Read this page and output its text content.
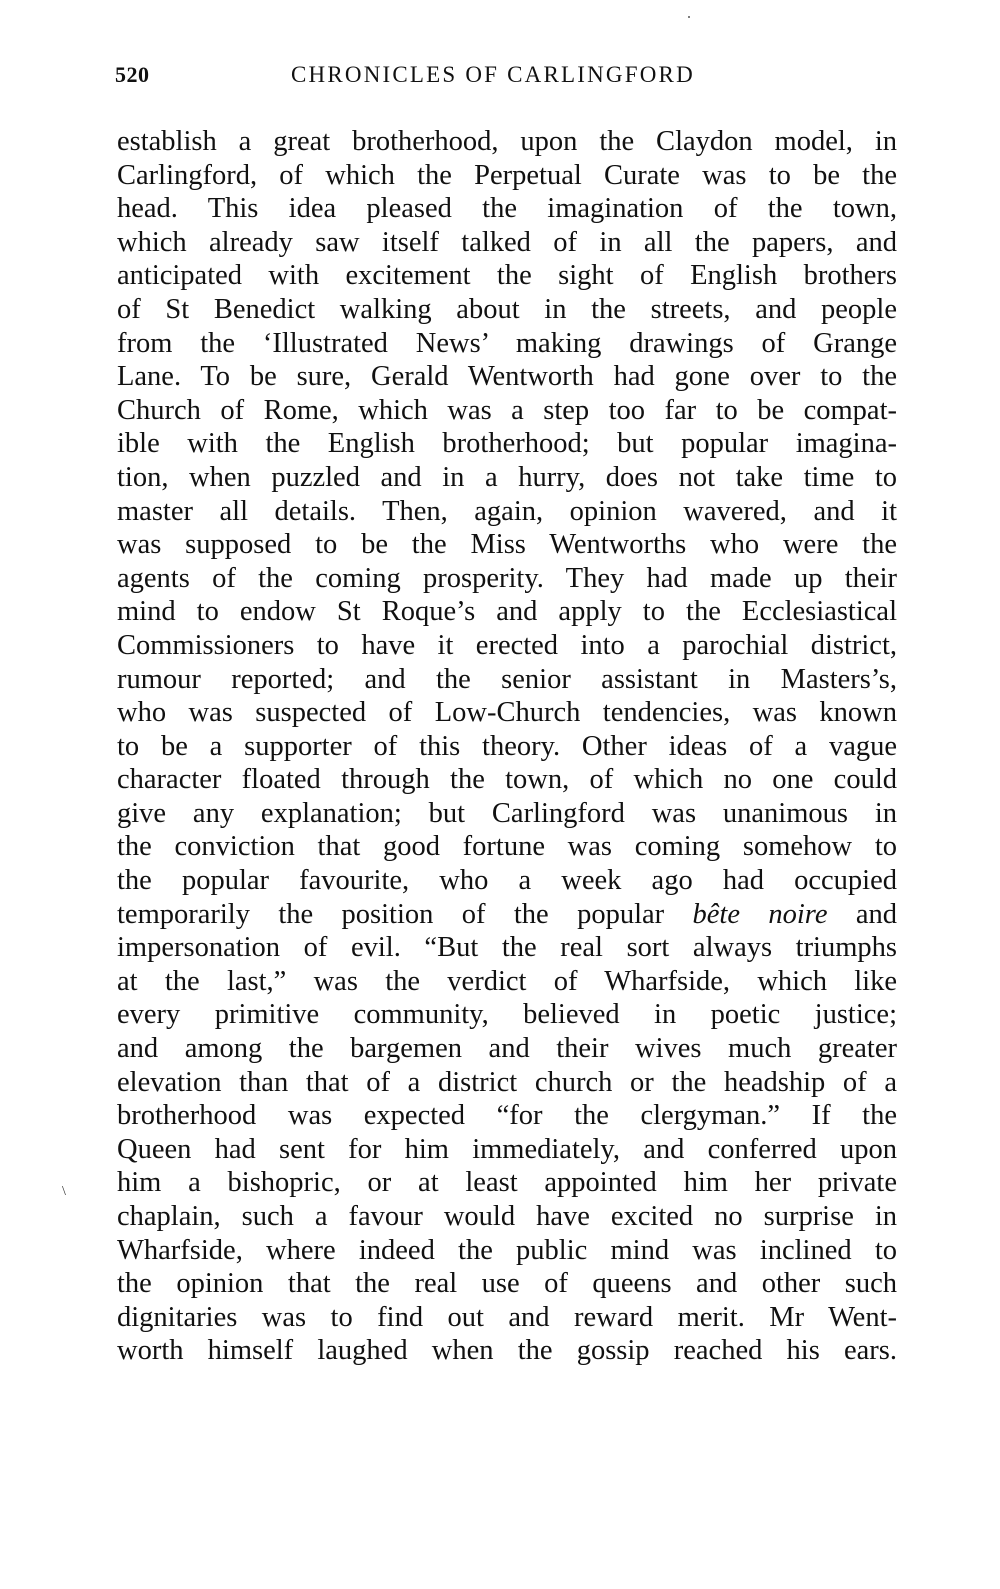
520	CHRONICLES OF CARLINGFORD
\
establish a great brotherhood, upon the Claydon model, in
Carlingford, of which the Perpetual Curate was to be the
head. This idea pleased the imagination of the town,
which already saw itself talked of in all the papers, and
anticipated with excitement the sight of English brothers
of St Benedict walking about in the streets, and people
from the ‘Illustrated News’ making drawings of Grange
Lane. To be sure, Gerald Wentworth had gone over to the
Church of Rome, which was a step too far to be compat-
ible with the English brotherhood; but popular imagina-
tion, when puzzled and in a hurry, does not take time to
master all details. Then, again, opinion wavered, and it
was supposed to be the Miss Wentworths who were the
agents of the coming prosperity. They had made up their
mind to endow St Roque’s and apply to the Ecclesiastical
Commissioners to have it erected into a parochial district,
rumour reported; and the senior assistant in Masters’s,
who was suspected of Low-Church tendencies, was known
to be a supporter of this theory. Other ideas of a vague
character floated through the town, of which no one could
give any explanation; but Carlingford was unanimous in
the conviction that good fortune was coming somehow to
the popular favourite, who a week ago had occupied
temporarily the position of the popular bête noire and
impersonation of evil. “But the real sort always triumphs
at the last,” was the verdict of Wharfside, which like
every primitive community, believed in poetic justice;
and among the bargemen and their wives much greater
elevation than that of a district church or the headship of a
brotherhood was expected “for the clergyman.” If the
Queen had sent for him immediately, and conferred upon
him a bishopric, or at least appointed him her private
chaplain, such a favour would have excited no surprise in
Wharfside, where indeed the public mind was inclined to
the opinion that the real use of queens and other such
dignitaries was to find out and reward merit. Mr Went-
worth himself laughed when the gossip reached his ears.
